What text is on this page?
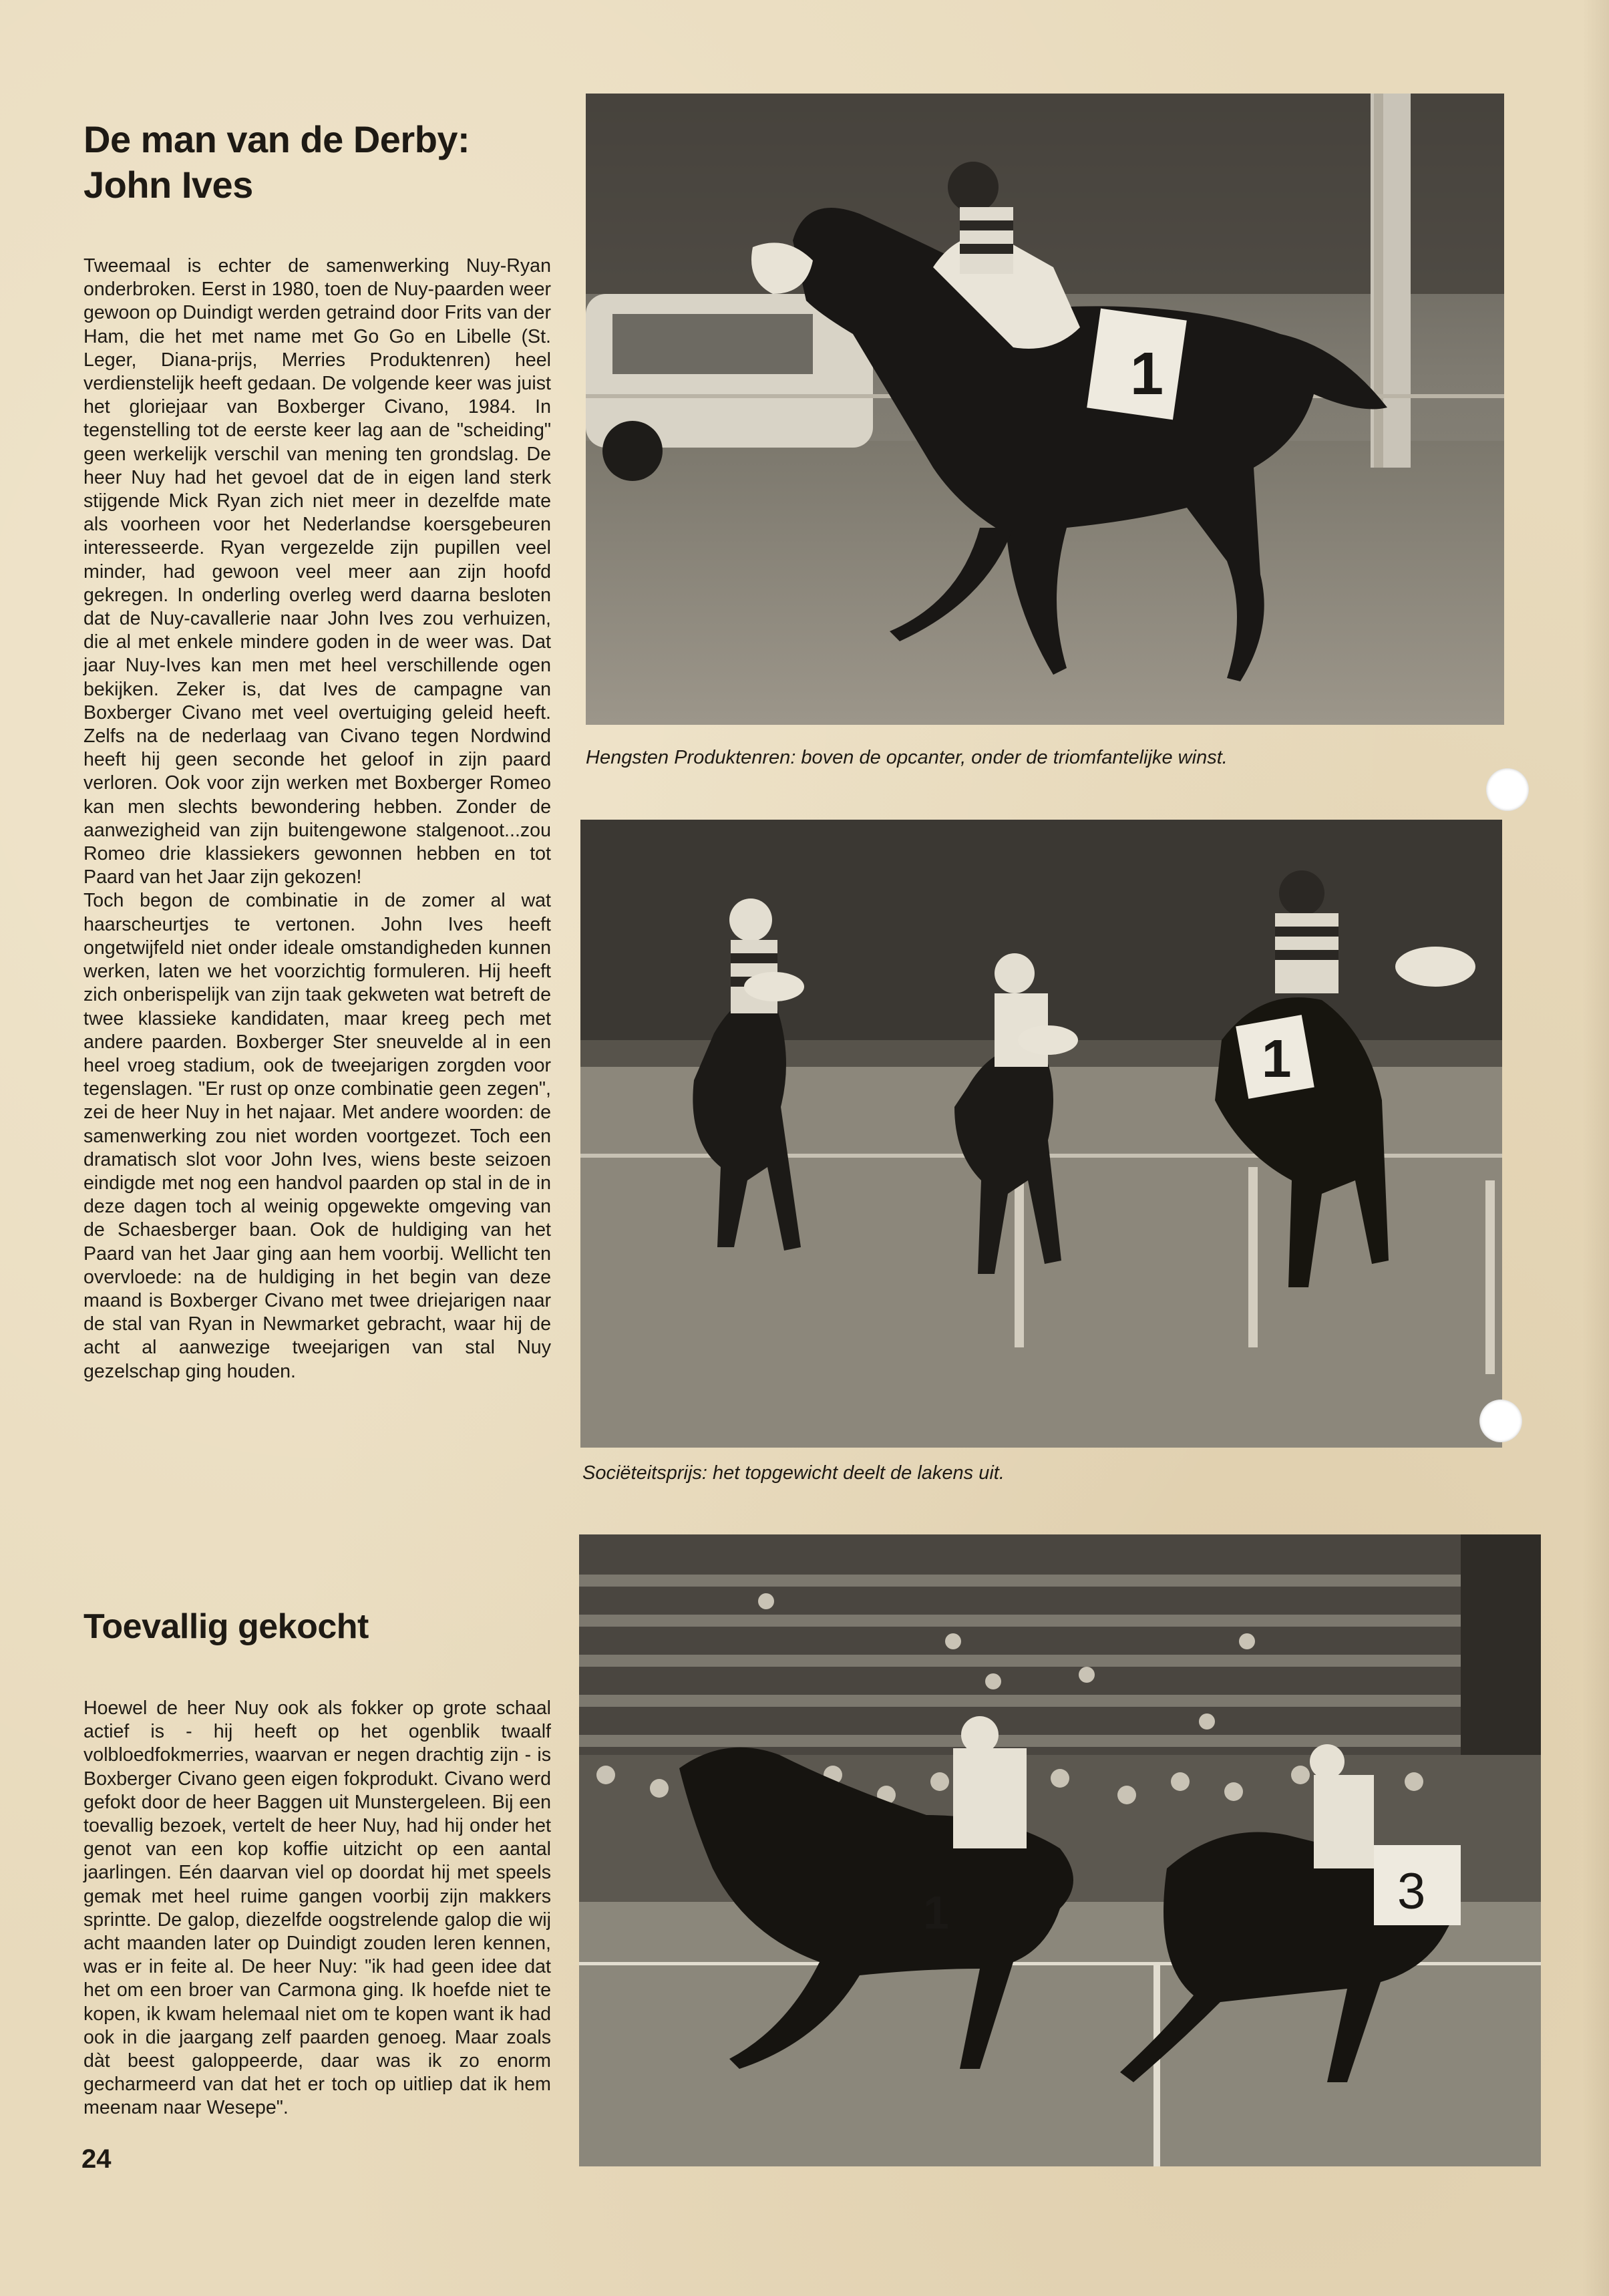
De man van de Derby:
John Ives

Tweemaal is echter de samenwerking Nuy-Ryan onderbroken. Eerst in 1980, toen de Nuy-paarden weer gewoon op Duindigt werden getraind door Frits van der Ham, die het met name met Go Go en Libelle (St. Leger, Diana-prijs, Merries Produktenren) heel verdienstelijk heeft gedaan. De volgende keer was juist het gloriejaar van Boxberger Civano, 1984. In tegenstelling tot de eerste keer lag aan de "scheiding" geen werkelijk verschil van mening ten grondslag. De heer Nuy had het gevoel dat de in eigen land sterk stijgende Mick Ryan zich niet meer in dezelfde mate als voorheen voor het Nederlandse koersgebeuren interesseerde. Ryan vergezelde zijn pupillen veel minder, had gewoon veel meer aan zijn hoofd gekregen. In onderling overleg werd daarna besloten dat de Nuy-cavallerie naar John Ives zou verhuizen, die al met enkele mindere goden in de weer was. Dat jaar Nuy-Ives kan men met heel verschillende ogen bekijken. Zeker is, dat Ives de campagne van Boxberger Civano met veel overtuiging geleid heeft. Zelfs na de nederlaag van Civano tegen Nordwind heeft hij geen seconde het geloof in zijn paard verloren. Ook voor zijn werken met Boxberger Romeo kan men slechts bewondering hebben. Zonder de aanwezigheid van zijn buitengewone stalgenoot...zou Romeo drie klassiekers gewonnen hebben en tot Paard van het Jaar zijn gekozen!

Toch begon de combinatie in de zomer al wat haarscheurtjes te vertonen. John Ives heeft ongetwijfeld niet onder ideale omstandigheden kunnen werken, laten we het voorzichtig formuleren. Hij heeft zich onberispelijk van zijn taak gekweten wat betreft de twee klassieke kandidaten, maar kreeg pech met andere paarden. Boxberger Ster sneuvelde al in een heel vroeg stadium, ook de tweejarigen zorgden voor tegenslagen. "Er rust op onze combinatie geen zegen", zei de heer Nuy in het najaar. Met andere woorden: de samenwerking zou niet worden voortgezet. Toch een dramatisch slot voor John Ives, wiens beste seizoen eindigde met nog een handvol paarden op stal in de in deze dagen toch al weinig opgewekte omgeving van de Schaesberger baan. Ook de huldiging van het Paard van het Jaar ging aan hem voorbij. Wellicht ten overvloede: na de huldiging in het begin van deze maand is Boxberger Civano met twee driejarigen naar de stal van Ryan in Newmarket gebracht, waar hij de acht al aanwezige tweejarigen van stal Nuy gezelschap ging houden.

Toevallig gekocht

Hoewel de heer Nuy ook als fokker op grote schaal actief is - hij heeft op het ogenblik twaalf volbloedfokmerries, waarvan er negen drachtig zijn - is Boxberger Civano geen eigen fokprodukt. Civano werd gefokt door de heer Baggen uit Munstergeleen. Bij een toevallig bezoek, vertelt de heer Nuy, had hij onder het genot van een kop koffie uitzicht op een aantal jaarlingen. Eén daarvan viel op doordat hij met speels gemak met heel ruime gangen voorbij zijn makkers sprintte. De galop, diezelfde oogstrelende galop die wij acht maanden later op Duindigt zouden leren kennen, was er in feite al. De heer Nuy: "ik had geen idee dat het om een broer van Carmona ging. Ik hoefde niet te kopen, ik kwam helemaal niet om te kopen want ik had ook in die jaargang zelf paarden genoeg. Maar zoals dàt beest galoppeerde, daar was ik zo enorm gecharmeerd van dat het er toch op uitliep dat ik hem meenam naar Wesepe".

24
1
Hengsten Produktenren: boven de opcanter, onder de triomfantelijke winst.
1
Sociëteitsprijs: het topgewicht deelt de lakens uit.
1	3
